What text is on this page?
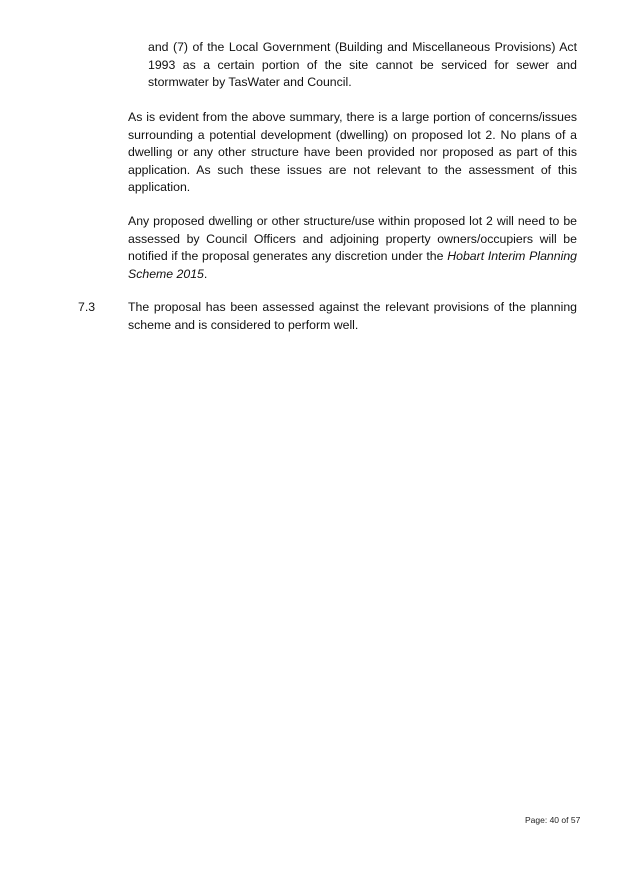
and (7) of the Local Government (Building and Miscellaneous Provisions) Act 1993 as a certain portion of the site cannot be serviced for sewer and stormwater by TasWater and Council.

As is evident from the above summary, there is a large portion of concerns/issues surrounding a potential development (dwelling) on proposed lot 2. No plans of a dwelling or any other structure have been provided nor proposed as part of this application. As such these issues are not relevant to the assessment of this application.

Any proposed dwelling or other structure/use within proposed lot 2 will need to be assessed by Council Officers and adjoining property owners/occupiers will be notified if the proposal generates any discretion under the Hobart Interim Planning Scheme 2015.

7.3	The proposal has been assessed against the relevant provisions of the planning scheme and is considered to perform well.

Page: 40 of 57
